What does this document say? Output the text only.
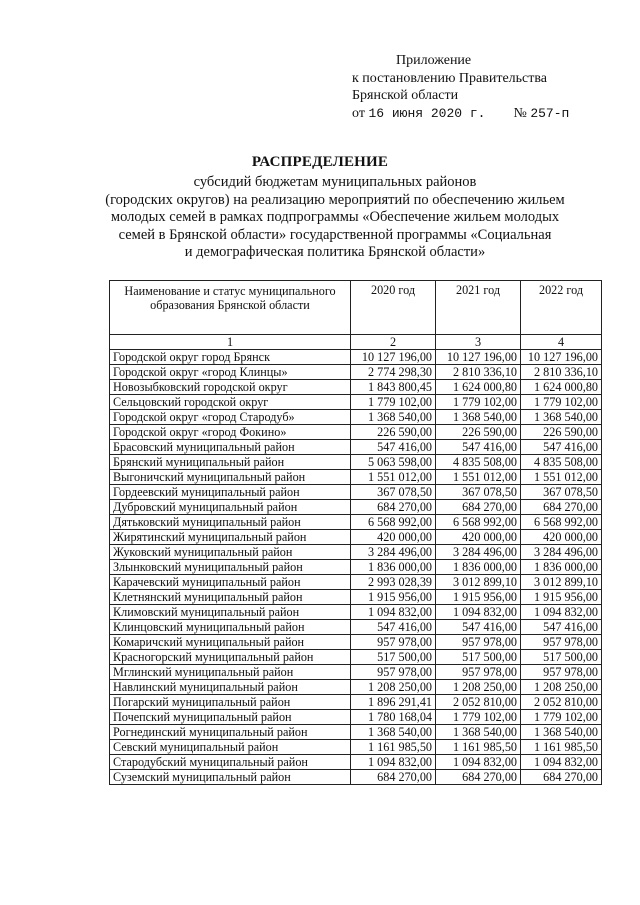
Приложение
к постановлению Правительства
Брянской области
от
16 июня 2020 г. № 257-п
РАСПРЕДЕЛЕНИЕ
субсидий бюджетам муниципальных районов
(городских округов) на реализацию мероприятий по обеспечению жильем
молодых семей в рамках подпрограммы «Обеспечение жильем молодых
семей в Брянской области» государственной программы «Социальная
и демографическая политика Брянской области»
Наименование и статус муниципального образования Брянской области	2020 год	2021 год	2022 год
1	2	3	4
Городской округ город Брянск	10 127 196,00	10 127 196,00	10 127 196,00
Городской округ «город Клинцы»	2 774 298,30	2 810 336,10	2 810 336,10
Новозыбковский городской округ	1 843 800,45	1 624 000,80	1 624 000,80
Сельцовский городской округ	1 779 102,00	1 779 102,00	1 779 102,00
Городской округ «город Стародуб»	1 368 540,00	1 368 540,00	1 368 540,00
Городской округ «город Фокино»	226 590,00	226 590,00	226 590,00
Брасовский муниципальный район	547 416,00	547 416,00	547 416,00
Брянский муниципальный район	5 063 598,00	4 835 508,00	4 835 508,00
Выгоничский муниципальный район	1 551 012,00	1 551 012,00	1 551 012,00
Гордеевский муниципальный район	367 078,50	367 078,50	367 078,50
Дубровский муниципальный район	684 270,00	684 270,00	684 270,00
Дятьковский муниципальный район	6 568 992,00	6 568 992,00	6 568 992,00
Жирятинский муниципальный район	420 000,00	420 000,00	420 000,00
Жуковский муниципальный район	3 284 496,00	3 284 496,00	3 284 496,00
Злынковский муниципальный район	1 836 000,00	1 836 000,00	1 836 000,00
Карачевский муниципальный район	2 993 028,39	3 012 899,10	3 012 899,10
Клетнянский муниципальный район	1 915 956,00	1 915 956,00	1 915 956,00
Климовский муниципальный район	1 094 832,00	1 094 832,00	1 094 832,00
Клинцовский муниципальный район	547 416,00	547 416,00	547 416,00
Комаричский муниципальный район	957 978,00	957 978,00	957 978,00
Красногорский муниципальный район	517 500,00	517 500,00	517 500,00
Мглинский муниципальный район	957 978,00	957 978,00	957 978,00
Навлинский муниципальный район	1 208 250,00	1 208 250,00	1 208 250,00
Погарский муниципальный район	1 896 291,41	2 052 810,00	2 052 810,00
Почепский муниципальный район	1 780 168,04	1 779 102,00	1 779 102,00
Рогнединский муниципальный район	1 368 540,00	1 368 540,00	1 368 540,00
Севский муниципальный район	1 161 985,50	1 161 985,50	1 161 985,50
Стародубский муниципальный район	1 094 832,00	1 094 832,00	1 094 832,00
Суземский муниципальный район	684 270,00	684 270,00	684 270,00
